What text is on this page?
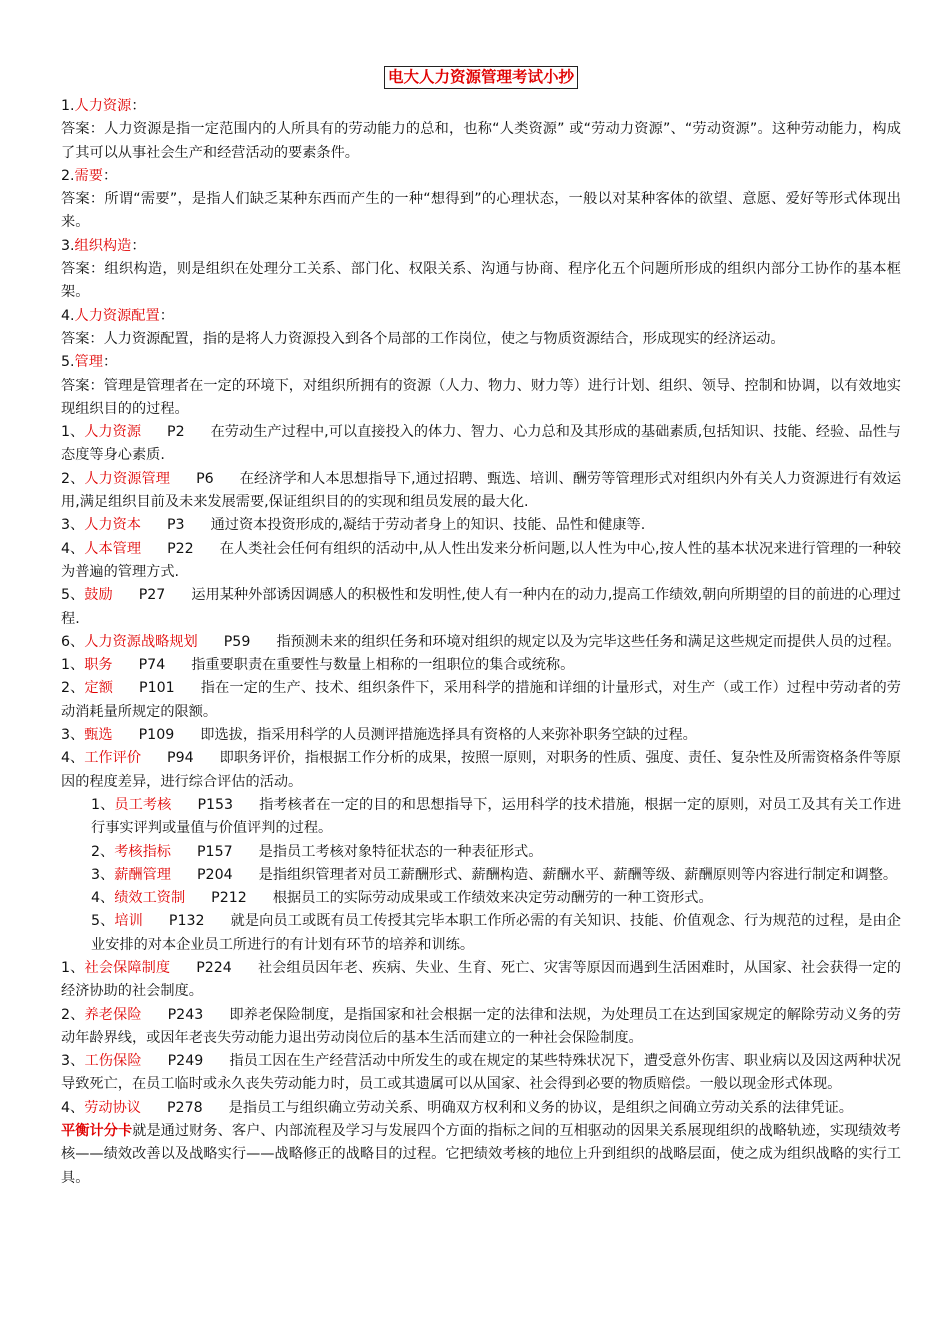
电大人力资源管理考试小抄

1.人力资源：

答案：人力资源是指一定范围内的人所具有的劳动能力的总和，也称“人类资源” 或“劳动力资源”、“劳动资源”。这种劳动能力，构成了其可以从事社会生产和经营活动的要素条件。

2.需要：

答案：所谓“需要”，是指人们缺乏某种东西而产生的一种“想得到”的心理状态，一般以对某种客体的欲望、意愿、爱好等形式体现出来。

3.组织构造：

答案：组织构造，则是组织在处理分工关系、部门化、权限关系、沟通与协商、程序化五个问题所形成的组织内部分工协作的基本框架。

4.人力资源配置：

答案：人力资源配置，指的是将人力资源投入到各个局部的工作岗位，使之与物质资源结合，形成现实的经济运动。

5.管理：

答案：管理是管理者在一定的环境下，对组织所拥有的资源（人力、物力、财力等）进行计划、组织、领导、控制和协调，以有效地实现组织目的的过程。

1、人力资源 P2 在劳动生产过程中,可以直接投入的体力、智力、心力总和及其形成的基础素质,包括知识、技能、经验、品性与态度等身心素质.

2、人力资源管理 P6 在经济学和人本思想指导下,通过招聘、甄选、培训、酬劳等管理形式对组织内外有关人力资源进行有效运用,满足组织目前及未来发展需要,保证组织目的的实现和组员发展的最大化.

3、人力资本 P3 通过资本投资形成的,凝结于劳动者身上的知识、技能、品性和健康等.

4、人本管理 P22 在人类社会任何有组织的活动中,从人性出发来分析问题,以人性为中心,按人性的基本状况来进行管理的一种较为普遍的管理方式.

5、鼓励 P27 运用某种外部诱因调感人的积极性和发明性,使人有一种内在的动力,提高工作绩效,朝向所期望的目的前进的心理过程.

6、人力资源战略规划 P59 指预测未来的组织任务和环境对组织的规定以及为完毕这些任务和满足这些规定而提供人员的过程。

1、职务 P74 指重要职责在重要性与数量上相称的一组职位的集合或统称。

2、定额 P101 指在一定的生产、技术、组织条件下，采用科学的措施和详细的计量形式，对生产（或工作）过程中劳动者的劳动消耗量所规定的限额。

3、甄选 P109 即选拔，指采用科学的人员测评措施选择具有资格的人来弥补职务空缺的过程。

4、工作评价 P94 即职务评价，指根据工作分析的成果，按照一原则，对职务的性质、强度、责任、复杂性及所需资格条件等原因的程度差异，进行综合评估的活动。

1、员工考核 P153 指考核者在一定的目的和思想指导下，运用科学的技术措施，根据一定的原则，对员工及其有关工作进行事实评判或量值与价值评判的过程。

2、考核指标 P157 是指员工考核对象特征状态的一种表征形式。

3、薪酬管理 P204 是指组织管理者对员工薪酬形式、薪酬构造、薪酬水平、薪酬等级、薪酬原则等内容进行制定和调整。

4、绩效工资制 P212 根据员工的实际劳动成果或工作绩效来决定劳动酬劳的一种工资形式。

5、培训 P132 就是向员工或既有员工传授其完毕本职工作所必需的有关知识、技能、价值观念、行为规范的过程，是由企业安排的对本企业员工所进行的有计划有环节的培养和训练。

1、社会保障制度 P224 社会组员因年老、疾病、失业、生育、死亡、灾害等原因而遇到生活困难时，从国家、社会获得一定的经济协助的社会制度。

2、养老保险 P243 即养老保险制度，是指国家和社会根据一定的法律和法规，为处理员工在达到国家规定的解除劳动义务的劳动年龄界线，或因年老丧失劳动能力退出劳动岗位后的基本生活而建立的一种社会保险制度。

3、工伤保险 P249 指员工因在生产经营活动中所发生的或在规定的某些特殊状况下，遭受意外伤害、职业病以及因这两种状况导致死亡，在员工临时或永久丧失劳动能力时，员工或其遗属可以从国家、社会得到必要的物质赔偿。一般以现金形式体现。

4、劳动协议 P278 是指员工与组织确立劳动关系、明确双方权利和义务的协议，是组织之间确立劳动关系的法律凭证。

平衡计分卡就是通过财务、客户、内部流程及学习与发展四个方面的指标之间的互相驱动的因果关系展现组织的战略轨迹，实现绩效考核——绩效改善以及战略实行——战略修正的战略目的过程。它把绩效考核的地位上升到组织的战略层面，使之成为组织战略的实行工具。
